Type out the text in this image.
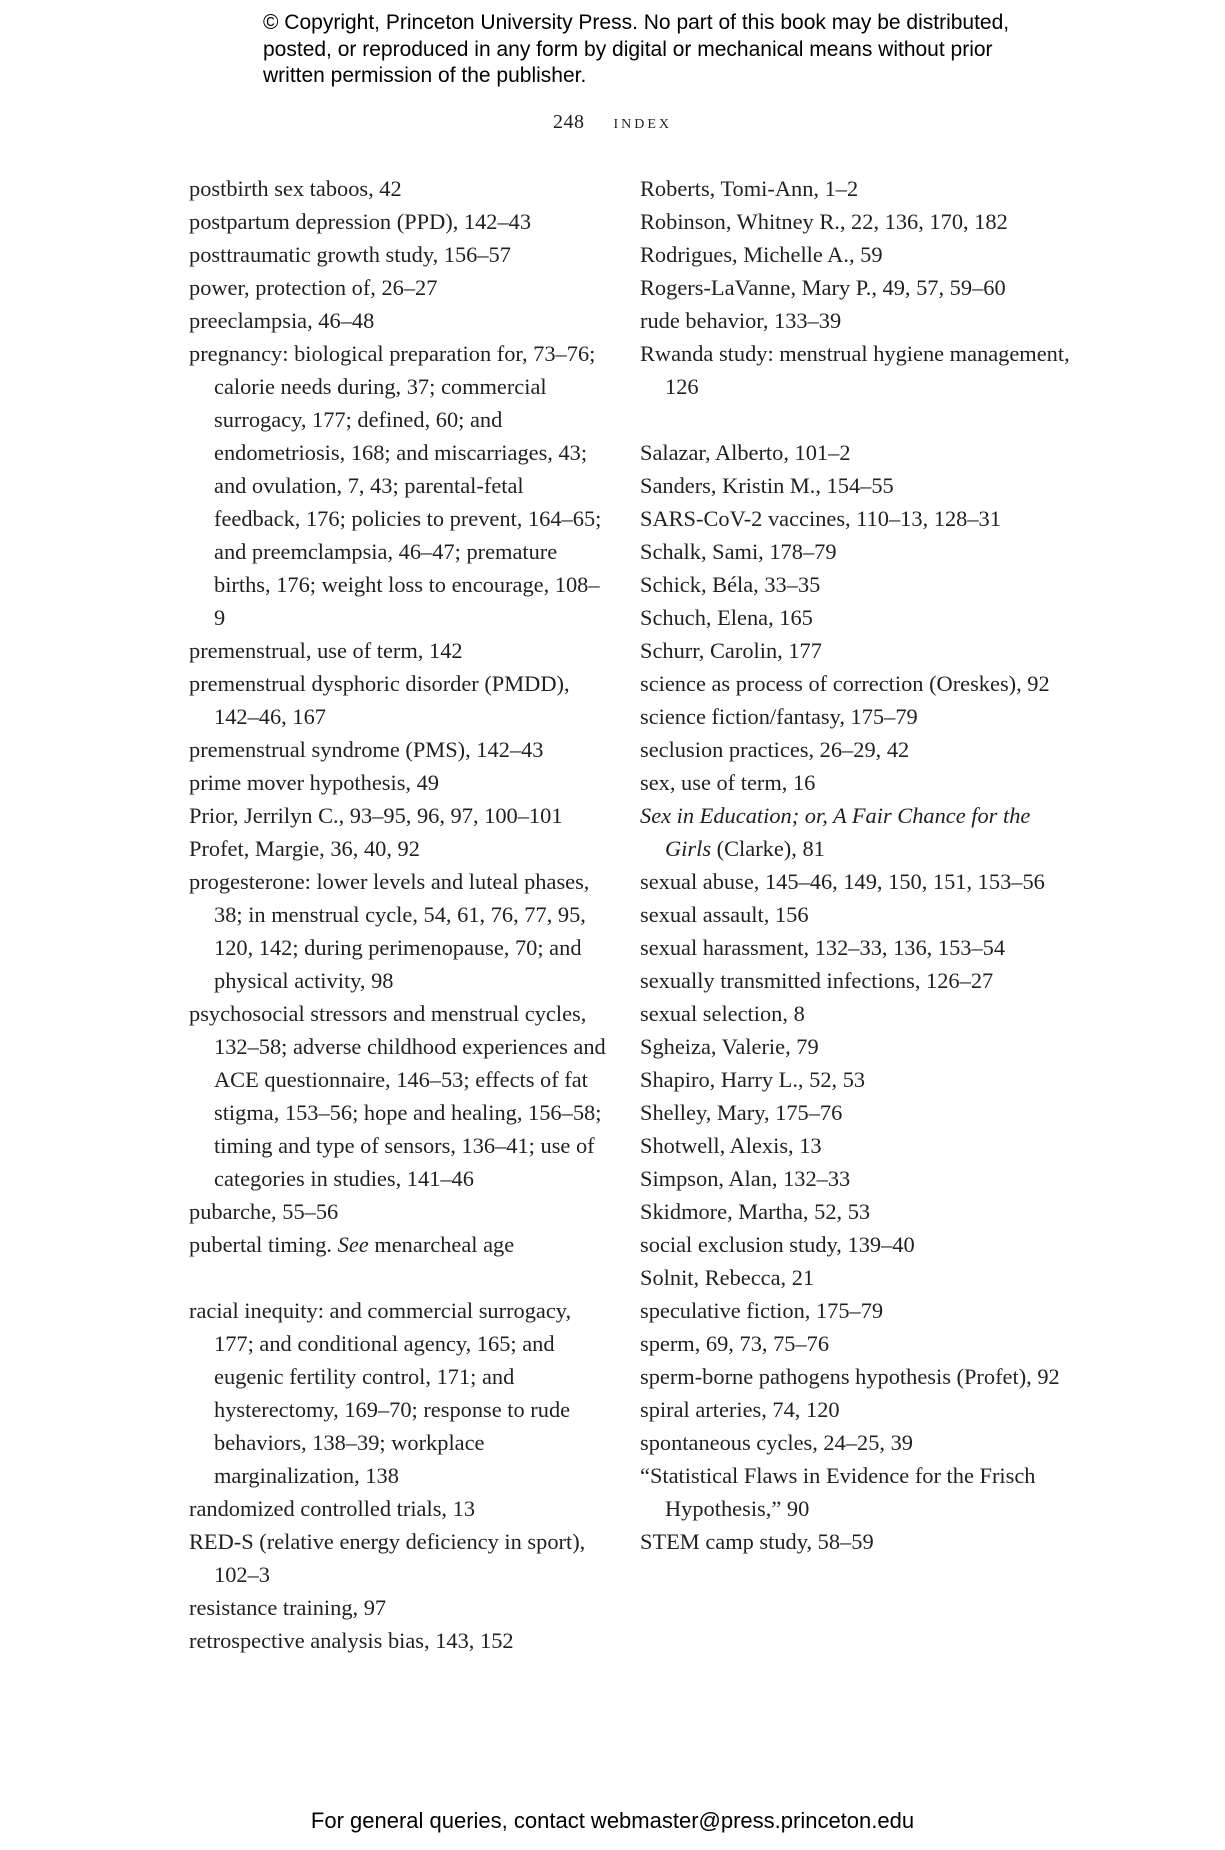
© Copyright, Princeton University Press. No part of this book may be distributed, posted, or reproduced in any form by digital or mechanical means without prior written permission of the publisher.
248 index
postbirth sex taboos, 42
postpartum depression (PPD), 142–43
posttraumatic growth study, 156–57
power, protection of, 26–27
preeclampsia, 46–48
pregnancy: biological preparation for, 73–76; calorie needs during, 37; commercial surrogacy, 177; defined, 60; and endometriosis, 168; and miscarriages, 43; and ovulation, 7, 43; parental-fetal feedback, 176; policies to prevent, 164–65; and preemclampsia, 46–47; premature births, 176; weight loss to encourage, 108–9
premenstrual, use of term, 142
premenstrual dysphoric disorder (PMDD), 142–46, 167
premenstrual syndrome (PMS), 142–43
prime mover hypothesis, 49
Prior, Jerrilyn C., 93–95, 96, 97, 100–101
Profet, Margie, 36, 40, 92
progesterone: lower levels and luteal phases, 38; in menstrual cycle, 54, 61, 76, 77, 95, 120, 142; during perimenopause, 70; and physical activity, 98
psychosocial stressors and menstrual cycles, 132–58; adverse childhood experiences and ACE questionnaire, 146–53; effects of fat stigma, 153–56; hope and healing, 156–58; timing and type of sensors, 136–41; use of categories in studies, 141–46
pubarche, 55–56
pubertal timing. See menarcheal age
racial inequity: and commercial surrogacy, 177; and conditional agency, 165; and eugenic fertility control, 171; and hysterectomy, 169–70; response to rude behaviors, 138–39; workplace marginalization, 138
randomized controlled trials, 13
RED-S (relative energy deficiency in sport), 102–3
resistance training, 97
retrospective analysis bias, 143, 152
Roberts, Tomi-Ann, 1–2
Robinson, Whitney R., 22, 136, 170, 182
Rodrigues, Michelle A., 59
Rogers-LaVanne, Mary P., 49, 57, 59–60
rude behavior, 133–39
Rwanda study: menstrual hygiene management, 126
Salazar, Alberto, 101–2
Sanders, Kristin M., 154–55
SARS-CoV-2 vaccines, 110–13, 128–31
Schalk, Sami, 178–79
Schick, Béla, 33–35
Schuch, Elena, 165
Schurr, Carolin, 177
science as process of correction (Oreskes), 92
science fiction/fantasy, 175–79
seclusion practices, 26–29, 42
sex, use of term, 16
Sex in Education; or, A Fair Chance for the Girls (Clarke), 81
sexual abuse, 145–46, 149, 150, 151, 153–56
sexual assault, 156
sexual harassment, 132–33, 136, 153–54
sexually transmitted infections, 126–27
sexual selection, 8
Sgheiza, Valerie, 79
Shapiro, Harry L., 52, 53
Shelley, Mary, 175–76
Shotwell, Alexis, 13
Simpson, Alan, 132–33
Skidmore, Martha, 52, 53
social exclusion study, 139–40
Solnit, Rebecca, 21
speculative fiction, 175–79
sperm, 69, 73, 75–76
sperm-borne pathogens hypothesis (Profet), 92
spiral arteries, 74, 120
spontaneous cycles, 24–25, 39
“Statistical Flaws in Evidence for the Frisch Hypothesis,” 90
STEM camp study, 58–59
For general queries, contact webmaster@press.princeton.edu
